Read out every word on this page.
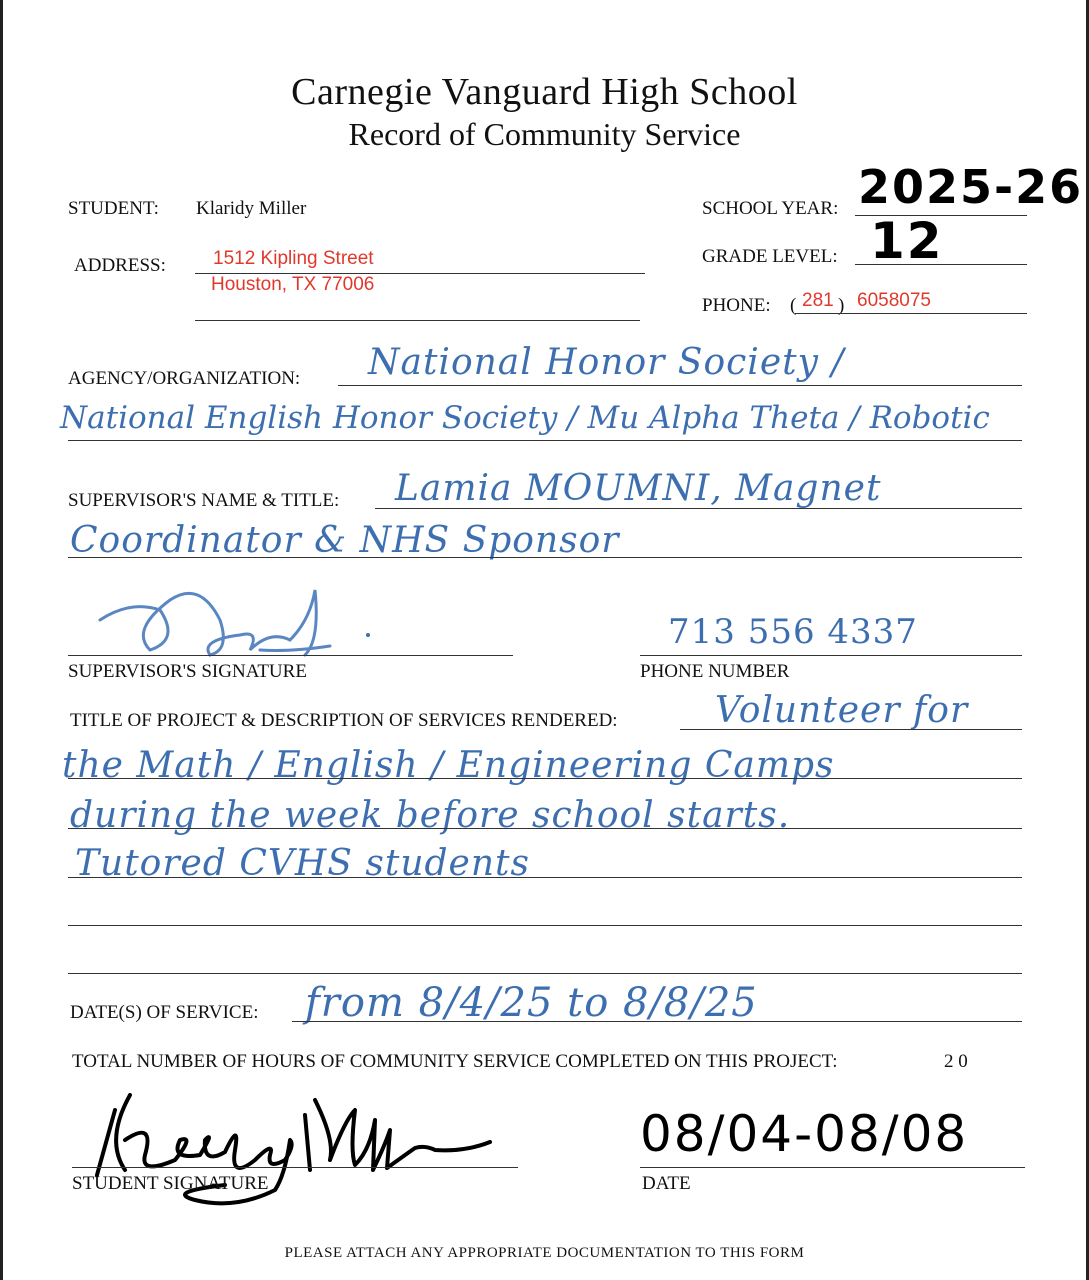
Carnegie Vanguard High School
Record of Community Service
STUDENT: Klaridy Miller	SCHOOL YEAR: 2025-26
ADDRESS: 1512 Kipling Street
Houston, TX 77006
GRADE LEVEL: 12
PHONE: ( 281 ) 6058075
AGENCY/ORGANIZATION: National Honor Society /
National English Honor Society / Mu Alpha Theta / Robotic
SUPERVISOR'S NAME & TITLE: Lamia MOUMNI, Magnet
Coordinator & NHS Sponsor
SUPERVISOR'S SIGNATURE
713 556 4337
PHONE NUMBER
TITLE OF PROJECT & DESCRIPTION OF SERVICES RENDERED:	Volunteer for
the Math / English / Engineering Camps
during the week before school starts.
Tutored CVHS students
DATE(S) OF SERVICE: from 8/4/25 to 8/8/25
TOTAL NUMBER OF HOURS OF COMMUNITY SERVICE COMPLETED ON THIS PROJECT:	2 0
STUDENT SIGNATURE
08/04-08/08
DATE
PLEASE ATTACH ANY APPROPRIATE DOCUMENTATION TO THIS FORM
